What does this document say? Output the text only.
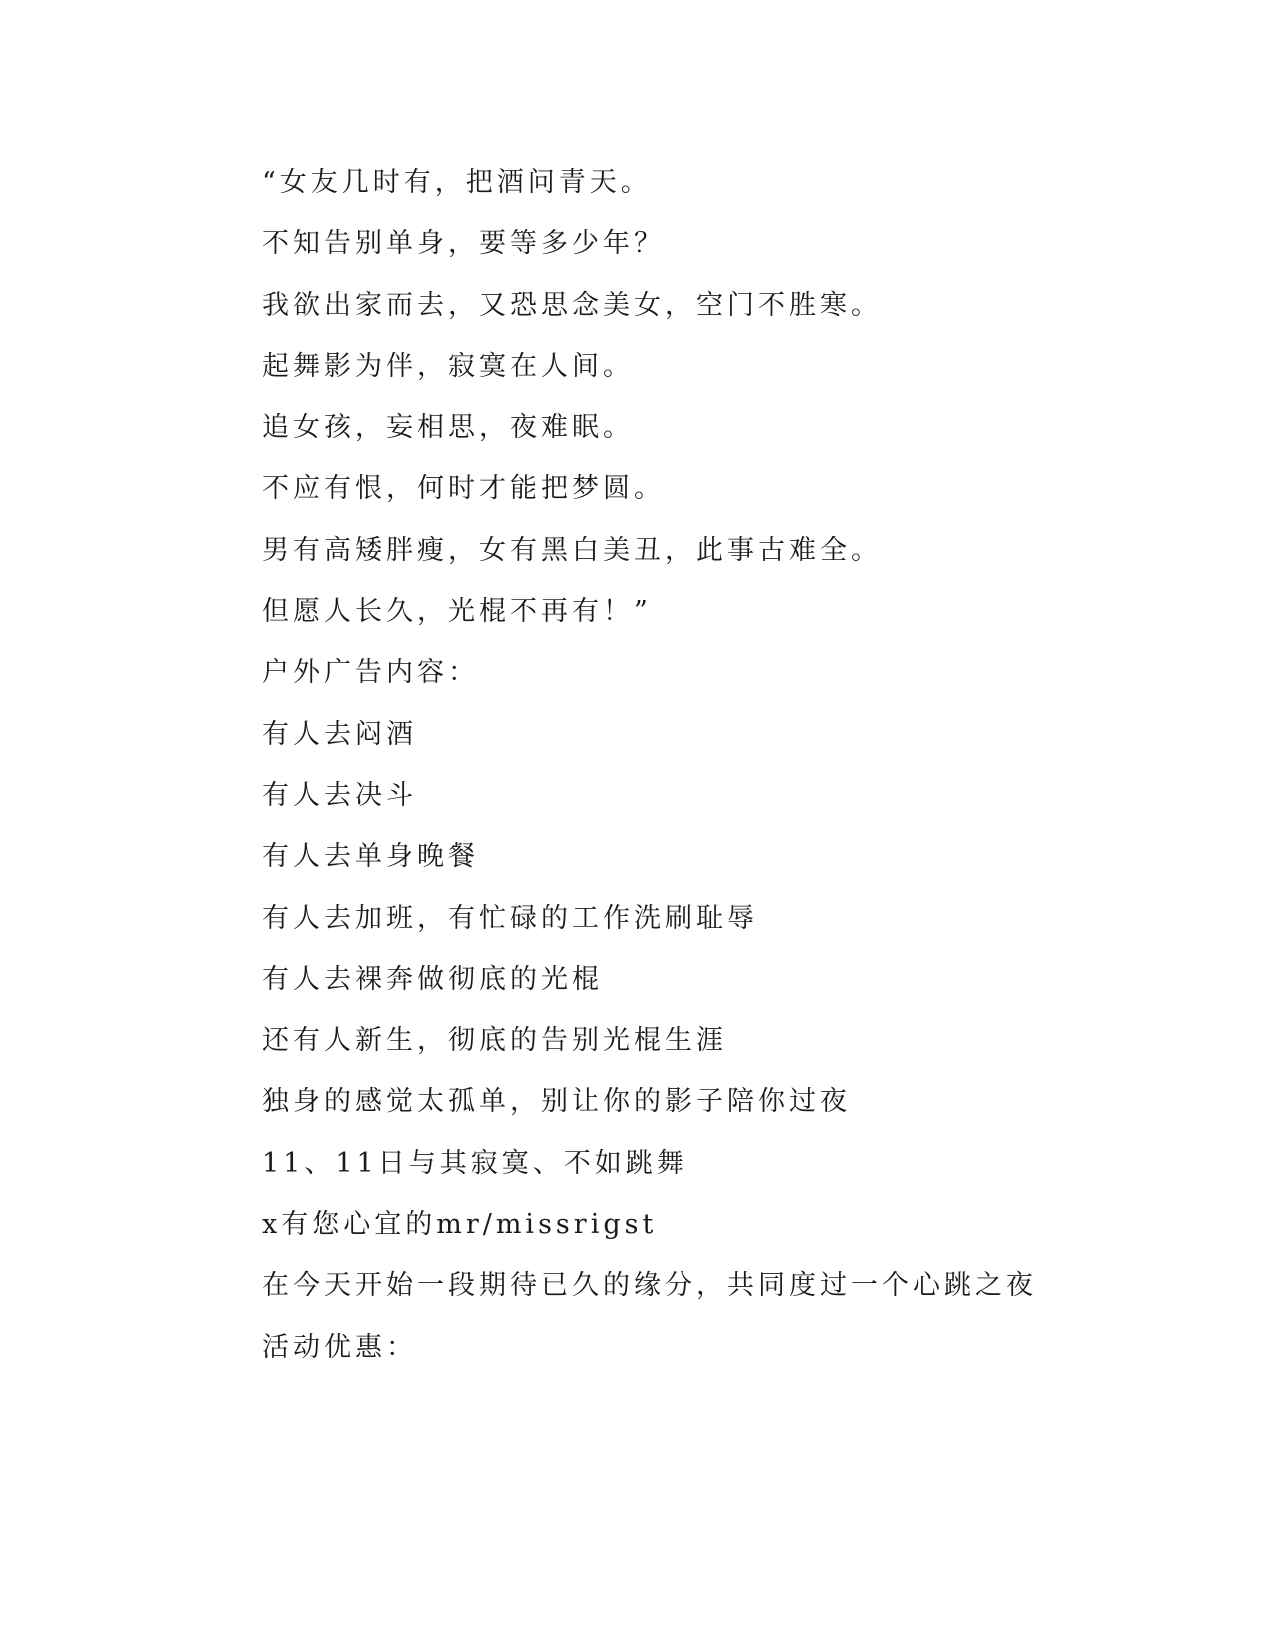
“女友几时有，把酒问青天。
不知告别单身，要等多少年？
我欲出家而去，又恐思念美女，空门不胜寒。
起舞影为伴，寂寞在人间。
追女孩，妄相思，夜难眠。
不应有恨，何时才能把梦圆。
男有高矮胖瘦，女有黑白美丑，此事古难全。
但愿人长久，光棍不再有！”
户外广告内容：
有人去闷酒
有人去决斗
有人去单身晚餐
有人去加班，有忙碌的工作洗刷耻辱
有人去裸奔做彻底的光棍
还有人新生，彻底的告别光棍生涯
独身的感觉太孤单，别让你的影子陪你过夜
11、11日与其寂寞、不如跳舞
x有您心宜的mr/missrigst
在今天开始一段期待已久的缘分，共同度过一个心跳之夜
活动优惠：
